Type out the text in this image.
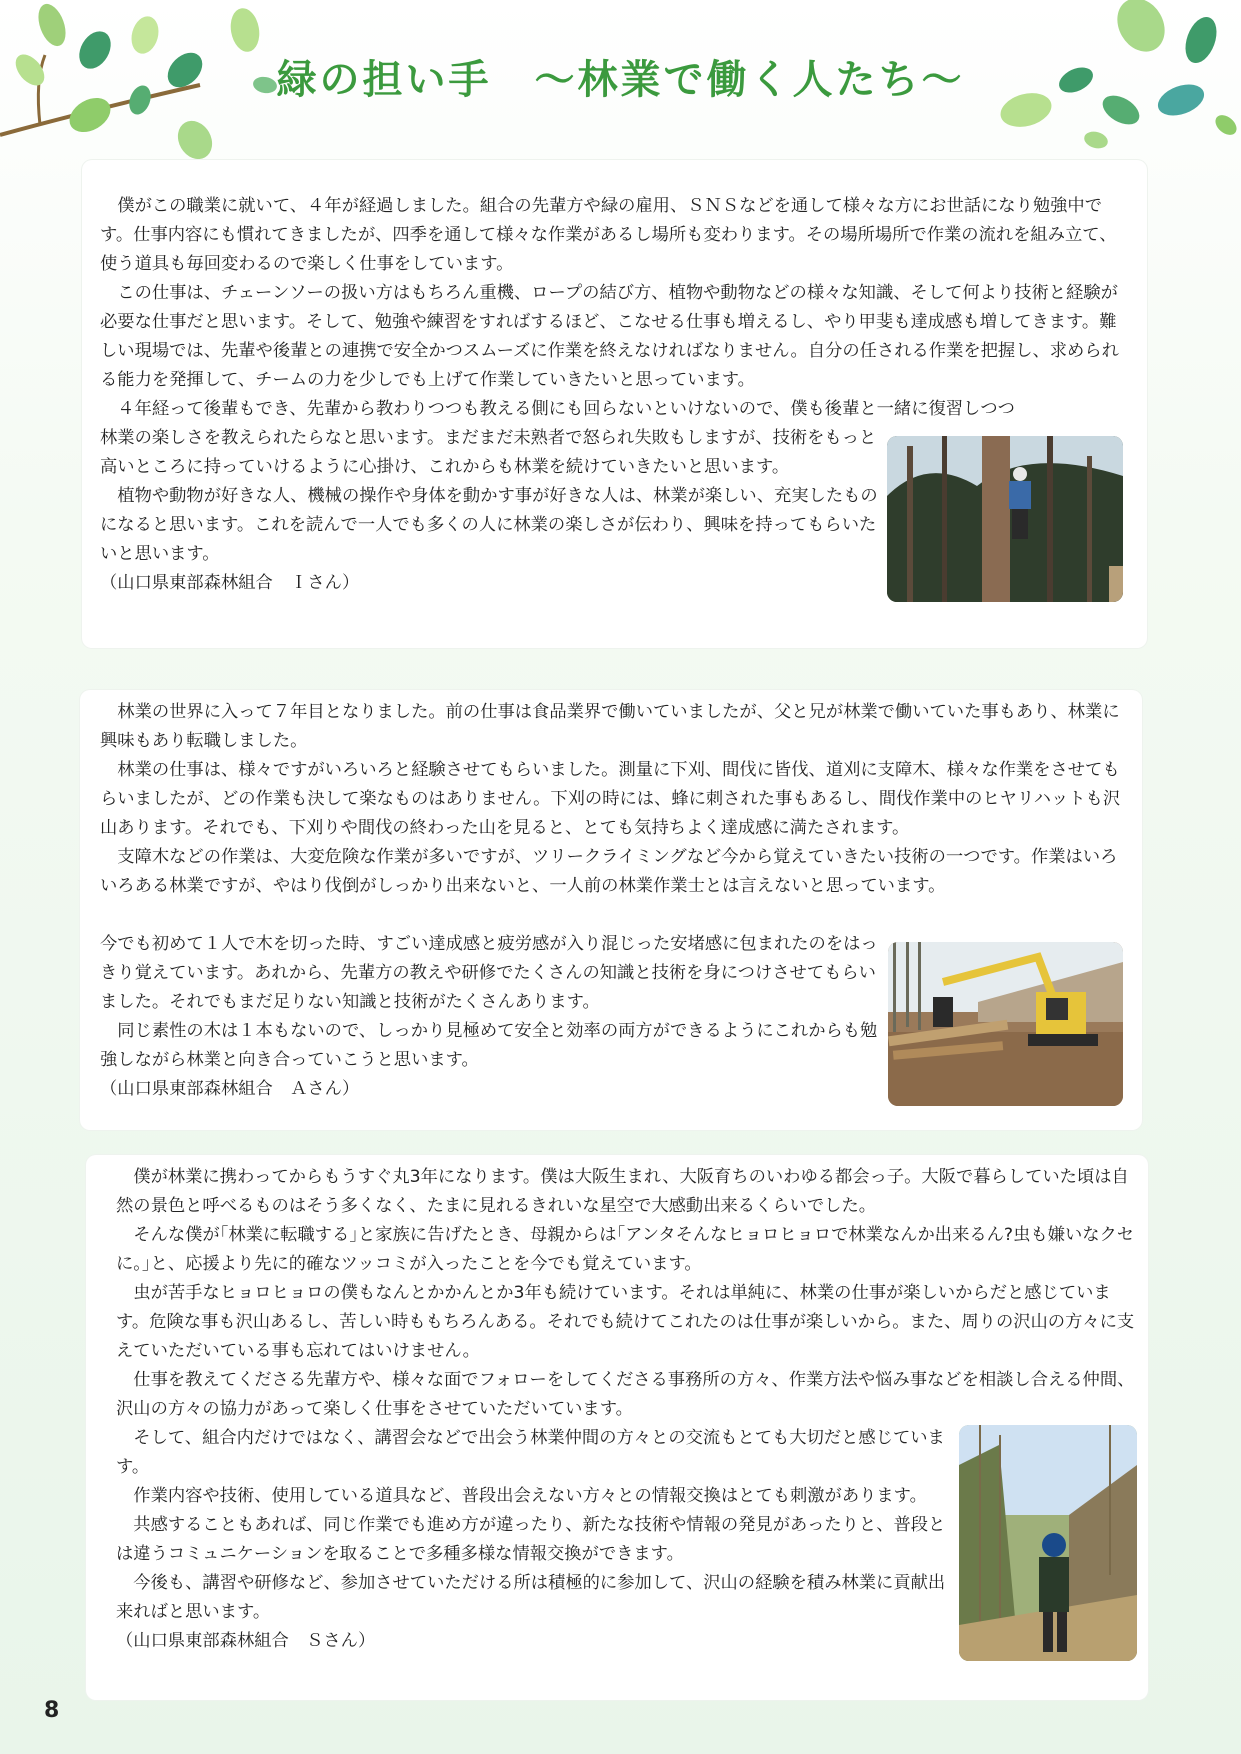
緑の担い手　～林業で働く人たち～

僕がこの職業に就いて、４年が経過しました。組合の先輩方や緑の雇用、ＳＮＳなどを通して様々な方にお世話になり勉強中です。仕事内容にも慣れてきましたが、四季を通して様々な作業があるし場所も変わります。その場所場所で作業の流れを組み立て、使う道具も毎回変わるので楽しく仕事をしています。

この仕事は、チェーンソーの扱い方はもちろん重機、ロープの結び方、植物や動物などの様々な知識、そして何より技術と経験が必要な仕事だと思います。そして、勉強や練習をすればするほど、こなせる仕事も増えるし、やり甲斐も達成感も増してきます。難しい現場では、先輩や後輩との連携で安全かつスムーズに作業を終えなければなりません。自分の任される作業を把握し、求められる能力を発揮して、チームの力を少しでも上げて作業していきたいと思っています。

４年経って後輩もでき、先輩から教わりつつも教える側にも回らないといけないので、僕も後輩と一緒に復習しつつ

林業の楽しさを教えられたらなと思います。まだまだ未熟者で怒られ失敗もしますが、技術をもっと高いところに持っていけるように心掛け、これからも林業を続けていきたいと思います。

植物や動物が好きな人、機械の操作や身体を動かす事が好きな人は、林業が楽しい、充実したものになると思います。これを読んで一人でも多くの人に林業の楽しさが伝わり、興味を持ってもらいたいと思います。

（山口県東部森林組合　Ｉさん）

林業の世界に入って７年目となりました。前の仕事は食品業界で働いていましたが、父と兄が林業で働いていた事もあり、林業に興味もあり転職しました。

林業の仕事は、様々ですがいろいろと経験させてもらいました。測量に下刈、間伐に皆伐、道刈に支障木、様々な作業をさせてもらいましたが、どの作業も決して楽なものはありません。下刈の時には、蜂に刺された事もあるし、間伐作業中のヒヤリハットも沢山あります。それでも、下刈りや間伐の終わった山を見ると、とても気持ちよく達成感に満たされます。

支障木などの作業は、大変危険な作業が多いですが、ツリークライミングなど今から覚えていきたい技術の一つです。作業はいろいろある林業ですが、やはり伐倒がしっかり出来ないと、一人前の林業作業士とは言えないと思っています。

今でも初めて１人で木を切った時、すごい達成感と疲労感が入り混じった安堵感に包まれたのをはっきり覚えています。あれから、先輩方の教えや研修でたくさんの知識と技術を身につけさせてもらいました。それでもまだ足りない知識と技術がたくさんあります。

同じ素性の木は１本もないので、しっかり見極めて安全と効率の両方ができるようにこれからも勉強しながら林業と向き合っていこうと思います。

（山口県東部森林組合　Ａさん）

僕が林業に携わってからもうすぐ丸3年になります。僕は大阪生まれ、大阪育ちのいわゆる都会っ子。大阪で暮らしていた頃は自然の景色と呼べるものはそう多くなく、たまに見れるきれいな星空で大感動出来るくらいでした。

そんな僕が｢林業に転職する｣と家族に告げたとき、母親からは｢アンタそんなヒョロヒョロで林業なんか出来るん?虫も嫌いなクセに。｣と、応援より先に的確なツッコミが入ったことを今でも覚えています。

虫が苦手なヒョロヒョロの僕もなんとかかんとか3年も続けています。それは単純に、林業の仕事が楽しいからだと感じています。危険な事も沢山あるし、苦しい時ももちろんある。それでも続けてこれたのは仕事が楽しいから。また、周りの沢山の方々に支えていただいている事も忘れてはいけません。

仕事を教えてくださる先輩方や、様々な面でフォローをしてくださる事務所の方々、作業方法や悩み事などを相談し合える仲間、沢山の方々の協力があって楽しく仕事をさせていただいています。

そして、組合内だけではなく、講習会などで出会う林業仲間の方々との交流もとても大切だと感じています。

作業内容や技術、使用している道具など、普段出会えない方々との情報交換はとても刺激があります。

共感することもあれば、同じ作業でも進め方が違ったり、新たな技術や情報の発見があったりと、普段とは違うコミュニケーションを取ることで多種多様な情報交換ができます。

今後も、講習や研修など、参加させていただける所は積極的に参加して、沢山の経験を積み林業に貢献出来ればと思います。

（山口県東部森林組合　Ｓさん）

8
